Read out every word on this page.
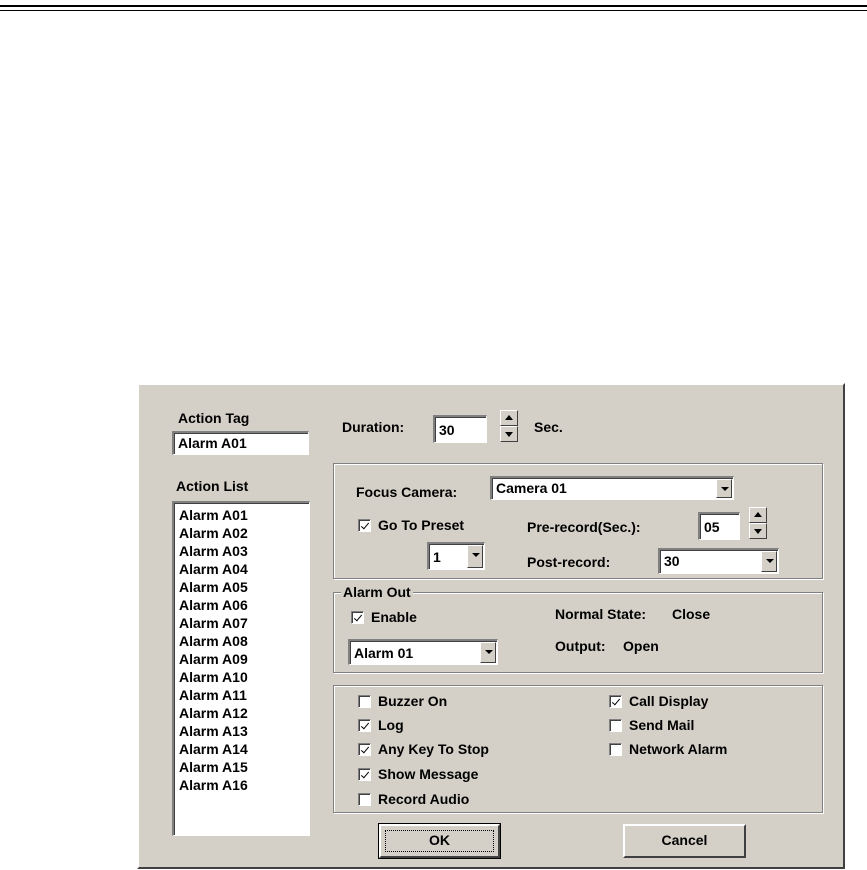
Action Tag
Alarm A01
Action List
Alarm A01
Alarm A02
Alarm A03
Alarm A04
Alarm A05
Alarm A06
Alarm A07
Alarm A08
Alarm A09
Alarm A10
Alarm A11
Alarm A12
Alarm A13
Alarm A14
Alarm A15
Alarm A16
Duration: 30	Sec.
Focus Camera:	Camera 01
Go To Preset
1
Pre-record(Sec.):	05
Post-record:	30
Alarm Out
Enable
Alarm 01
Normal State: Close
Output: Open
Buzzer On
Log
Any Key To Stop
Show Message
Record Audio
Call Display
Send Mail
Network Alarm
OK	Cancel
